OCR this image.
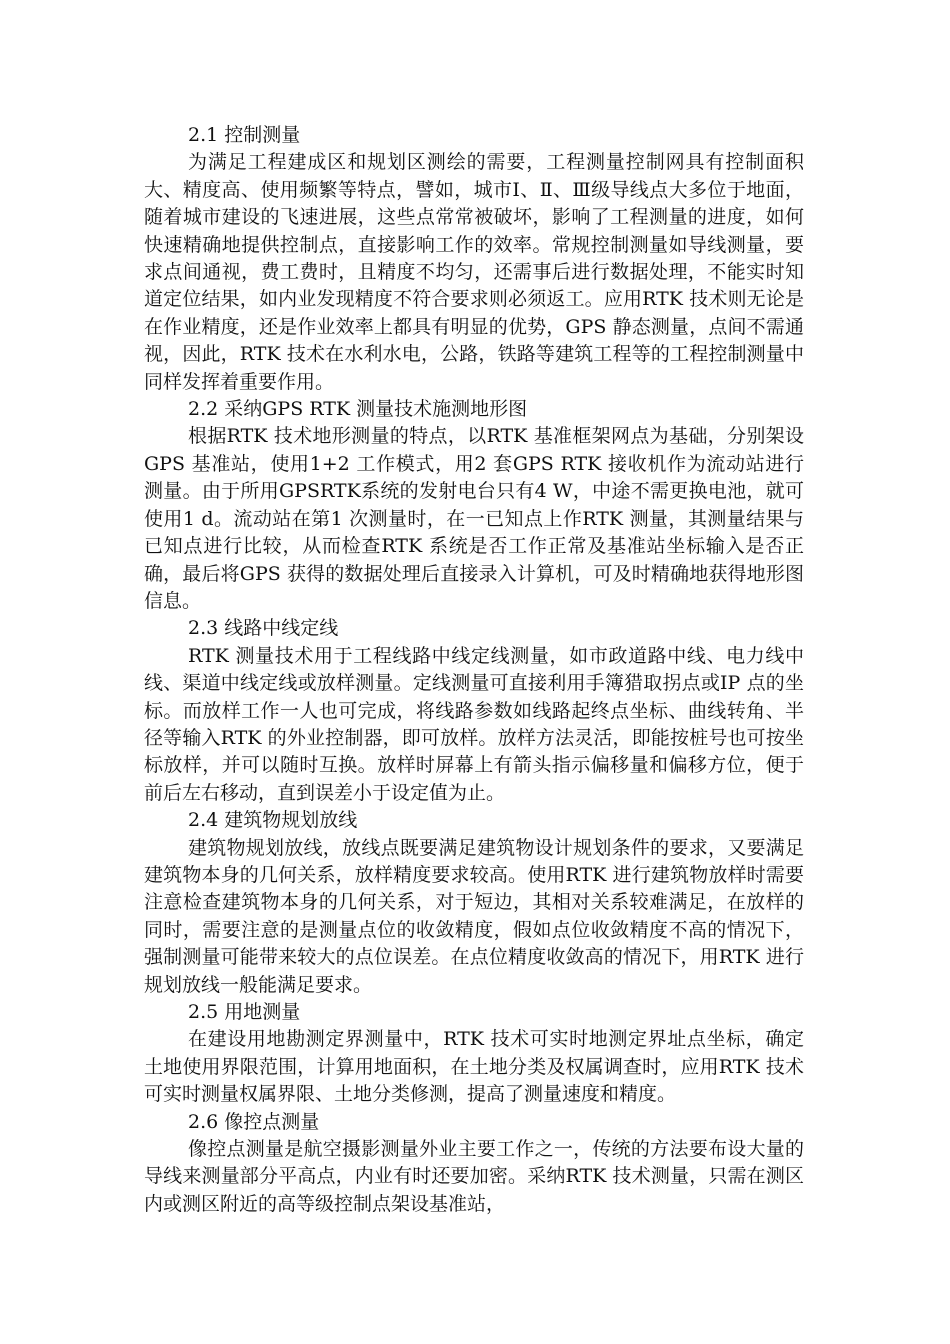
2.1 控制测量
为满足工程建成区和规划区测绘的需要，工程测量控制网具有控制面积大、精度高、使用频繁等特点，譬如，城市Ⅰ、Ⅱ、Ⅲ级导线点大多位于地面，随着城市建设的飞速进展，这些点常常被破坏，影响了工程测量的进度，如何快速精确地提供控制点，直接影响工作的效率。常规控制测量如导线测量，要求点间通视，费工费时，且精度不均匀，还需事后进行数据处理，不能实时知道定位结果，如内业发现精度不符合要求则必须返工。应用RTK 技术则无论是在作业精度，还是作业效率上都具有明显的优势，GPS 静态测量，点间不需通视，因此，RTK 技术在水利水电，公路，铁路等建筑工程等的工程控制测量中同样发挥着重要作用。
2.2 采纳GPS RTK 测量技术施测地形图
根据RTK 技术地形测量的特点，以RTK 基准框架网点为基础，分别架设GPS 基准站，使用1+2 工作模式，用2 套GPS RTK 接收机作为流动站进行测量。由于所用GPSRTK系统的发射电台只有4 W，中途不需更换电池，就可使用1 d。流动站在第1 次测量时，在一已知点上作RTK 测量，其测量结果与已知点进行比较，从而检查RTK 系统是否工作正常及基准站坐标输入是否正确，最后将GPS 获得的数据处理后直接录入计算机，可及时精确地获得地形图信息。
2.3 线路中线定线
RTK 测量技术用于工程线路中线定线测量，如市政道路中线、电力线中线、渠道中线定线或放样测量。定线测量可直接利用手簿猎取拐点或IP 点的坐标。而放样工作一人也可完成，将线路参数如线路起终点坐标、曲线转角、半径等输入RTK 的外业控制器，即可放样。放样方法灵活，即能按桩号也可按坐标放样，并可以随时互换。放样时屏幕上有箭头指示偏移量和偏移方位，便于前后左右移动，直到误差小于设定值为止。
2.4 建筑物规划放线
建筑物规划放线，放线点既要满足建筑物设计规划条件的要求，又要满足建筑物本身的几何关系，放样精度要求较高。使用RTK 进行建筑物放样时需要注意检查建筑物本身的几何关系，对于短边，其相对关系较难满足，在放样的同时，需要注意的是测量点位的收敛精度，假如点位收敛精度不高的情况下，强制测量可能带来较大的点位误差。在点位精度收敛高的情况下，用RTK 进行规划放线一般能满足要求。
2.5 用地测量
在建设用地勘测定界测量中，RTK 技术可实时地测定界址点坐标，确定土地使用界限范围，计算用地面积，在土地分类及权属调查时，应用RTK 技术可实时测量权属界限、土地分类修测，提高了测量速度和精度。
2.6 像控点测量
像控点测量是航空摄影测量外业主要工作之一，传统的方法要布设大量的导线来测量部分平高点，内业有时还要加密。采纳RTK 技术测量，只需在测区内或测区附近的高等级控制点架设基准站，
